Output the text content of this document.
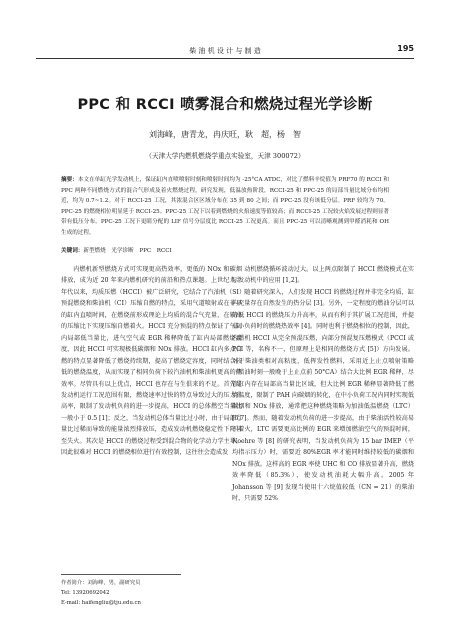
柴 油 机 设 计 与 制 造	195
PPC 和 RCCI 喷雾混合和燃烧过程光学诊断
刘海峰，唐青龙，冉庆旺，耿　超，杨　智
（天津大学内燃机燃烧学重点实验室，天津 300072）
摘要：本文在单缸光学发动机上，保证缸内直喷喷射时刻和喷射时间均为 -25°CA ATDC，对比了燃料辛烷值为 PRF70 的 RCCI 和 PPC 两种不同燃烧方式的混合气形成及着火燃烧过程。研究发现，低温放热阶段，RCCI-25 和 PPC-25 的局部当量比域分布均相近，均为 0.7~1.2。对于 RCCI-25 工况，其浓混合区区域分布在 35 到 80 之间；而 PPC-25 没有该低分层。PRF 较均为 70。PPC-25 的燃烧相位明显延于 RCCI-25。PPC-25 工况下以着到燃烧的火焰速度等值较高；而 RCCI-25 工况较火焰发展过程则显著带有低压分布。PPC-25 工况下更睛分配的 LIF 信号分层度比 RCCI-25 工况更高。而且 PPC-25 可以清晰观测到甲醛消耗和 OH 生成的过程。
关键词：新型燃烧　光学诊断　PPC　RCCI

内燃机新型燃烧方式可实现更高热效率，更低的 NOx 和碳烟排放，成为近 20 年来内燃机研究的前沿和热点课题。上世纪九十年代以来，均质压燃（HCCI）被广泛研究，它结合了汽油机（SI）预混燃烧和柴油机（CI）压缩自燃的特点，采用气道喷射或在非早的缸内直喷时间，在燃烧前形成理论上均质的混合气充量，在较高的压缩比下实现压缩自燃着火。HCCI 充分预混的特点保证了气缸内局部低当量比，进气空气或 EGR 稀释降低了缸内局部燃烧温度，因此 HCCI 可实现极低碳烟和 NOx 排放。HCCI 缸内多点自燃的特点显著降低了燃烧持续期，提高了燃烧定容度，同时结合较低的燃烧温度，从而实现了相同负荷下较汽油机和柴油机更高的热效率。尽管具有以上优点，HCCI 也存在与生俱来的不足。首先是发动机运行工况范围有限，燃烧速率过快的特点导致过大的压力升高率，限制了发动机负荷的进一步提高，HCCI 的总体燃空当量比一般小于 0.5 [1]；反之，当发动机总体当量比过小时，由于局部当量比过稀而导致的能量浓烈排放压，造成发动机燃烧稳定性下降甚至失火。其次是 HCCI 的燃烧过程受到混合物的化学动力学主导，因此很难对 HCCI 的燃烧相位进行有效控制，这往往会造成发

动机燃烧循环波动过大。以上两点限制了 HCCI 燃烧模式在实际发动机中的应用 [1,2]。

随着研究深入，人们发现 HCCI 的燃烧过程并非完全均质，缸内充量存在自然发生的热分层 [3]。另外，一定程度的燃油分层可以降低 HCCI 的燃烧压力升高率，从而有利于其扩展工况范围，并提高小负荷时的燃烧热效率 [4]。同时也利于燃烧相位的控制，因此，内燃机 HCCI 从完全预混压燃，向部分预混复压燃模式（PCCI 或 PCI 等，名称不一，但原理上是相同的燃烧方式 [5]）方向发展。对于柴油类相对高粘度，低挥发性燃料，采用近上止点喷射策略（喷油时刻一般晚于上止点前 50°CA）结合大比例 EGR 稀释，尽管缸内存在局部高当量比区域，但大比例 EGR 稀释显著降低了燃烧温度，限制了 PAH 向碳烟的转化，在中小负荷工况内同时实现低碳烟和 NOx 排放，通常把这种燃烧策略为加油低温燃烧（LTC）[6,7]。然而，随着发动机负荷的进一步提高，由于柴油活性较高易于着火，LTC 需要更高比例的 EGR 来增加燃油空气的预混时间，Noehre 等 [8] 的研究表明，当发动机负荷为 15 bar IMEP（平均指示压力）时，需要近 80%EGR 率才能同时维持较低的碳烟和 NOx 排放。这样高的 EGR 率使 UHC 和 CO 排放显著升高，燃烧效率降低（85.3%），使发动机油耗大幅升高。2005 年 Johansson 等 [9] 发现当使用十六烷值较低（CN = 21）的柴油时，只需要 52%

作者简介：刘海峰，男，副研究员
Tel: 13920692042
E-mail: haifengliu@tju.edu.cn
